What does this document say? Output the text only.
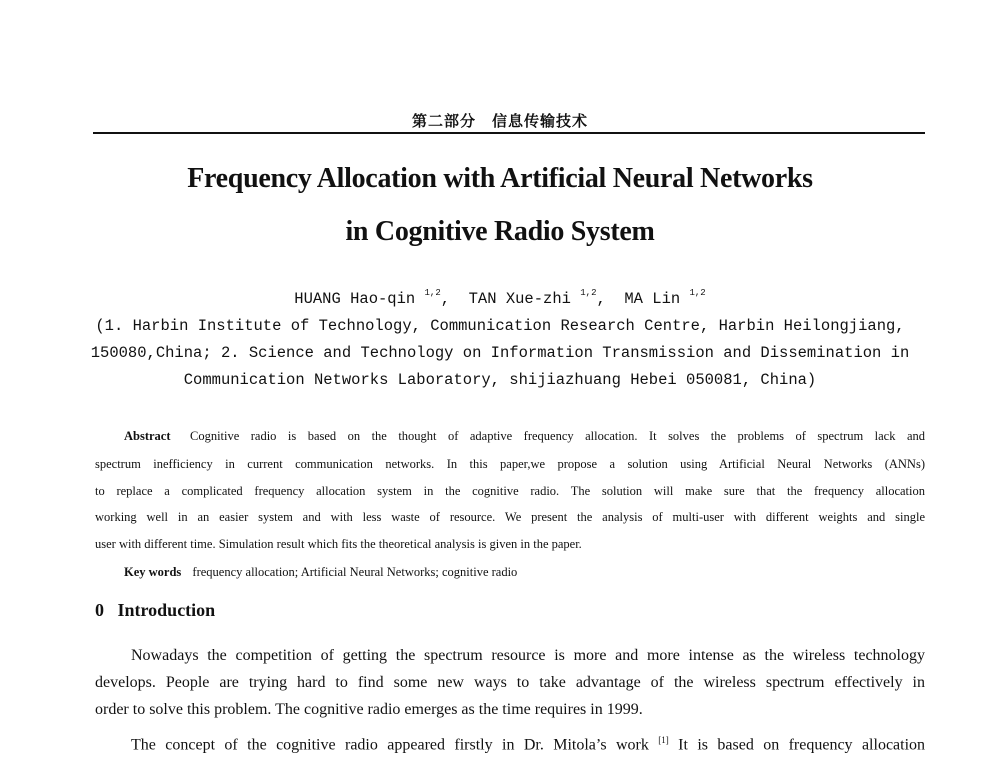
第二部分　信息传输技术
Frequency Allocation with Artificial Neural Networks
in Cognitive Radio System
HUANG Hao-qin $^{1,2}$,  TAN Xue-zhi $^{1,2}$,  MA Lin $^{1,2}$
(1. Harbin Institute of Technology, Communication Research Centre, Harbin Heilongjiang,
150080,China; 2. Science and Technology on Information Transmission and Dissemination in
Communication Networks Laboratory, shijiazhuang Hebei 050081, China)
Abstract Cognitive radio is based on the thought of adaptive frequency allocation. It solves the problems of spectrum lack and
spectrum inefficiency in current communication networks. In this paper,we propose a solution using Artificial Neural Networks (ANNs)
to replace a complicated frequency allocation system in the cognitive radio. The solution will make sure that the frequency allocation
working well in an easier system and with less waste of resource. We present the analysis of multi-user with different weights and single
user with different time. Simulation result which fits the theoretical analysis is given in the paper.
Key words frequency allocation; Artificial Neural Networks; cognitive radio
0 Introduction
Nowadays the competition of getting the spectrum resource is more and more intense as the wireless technology
develops. People are trying hard to find some new ways to take advantage of the wireless spectrum effectively in
order to solve this problem. The cognitive radio emerges as the time requires in 1999.
The concept of the cognitive radio appeared firstly in Dr. Mitola’s work [1] It is based on frequency allocation
